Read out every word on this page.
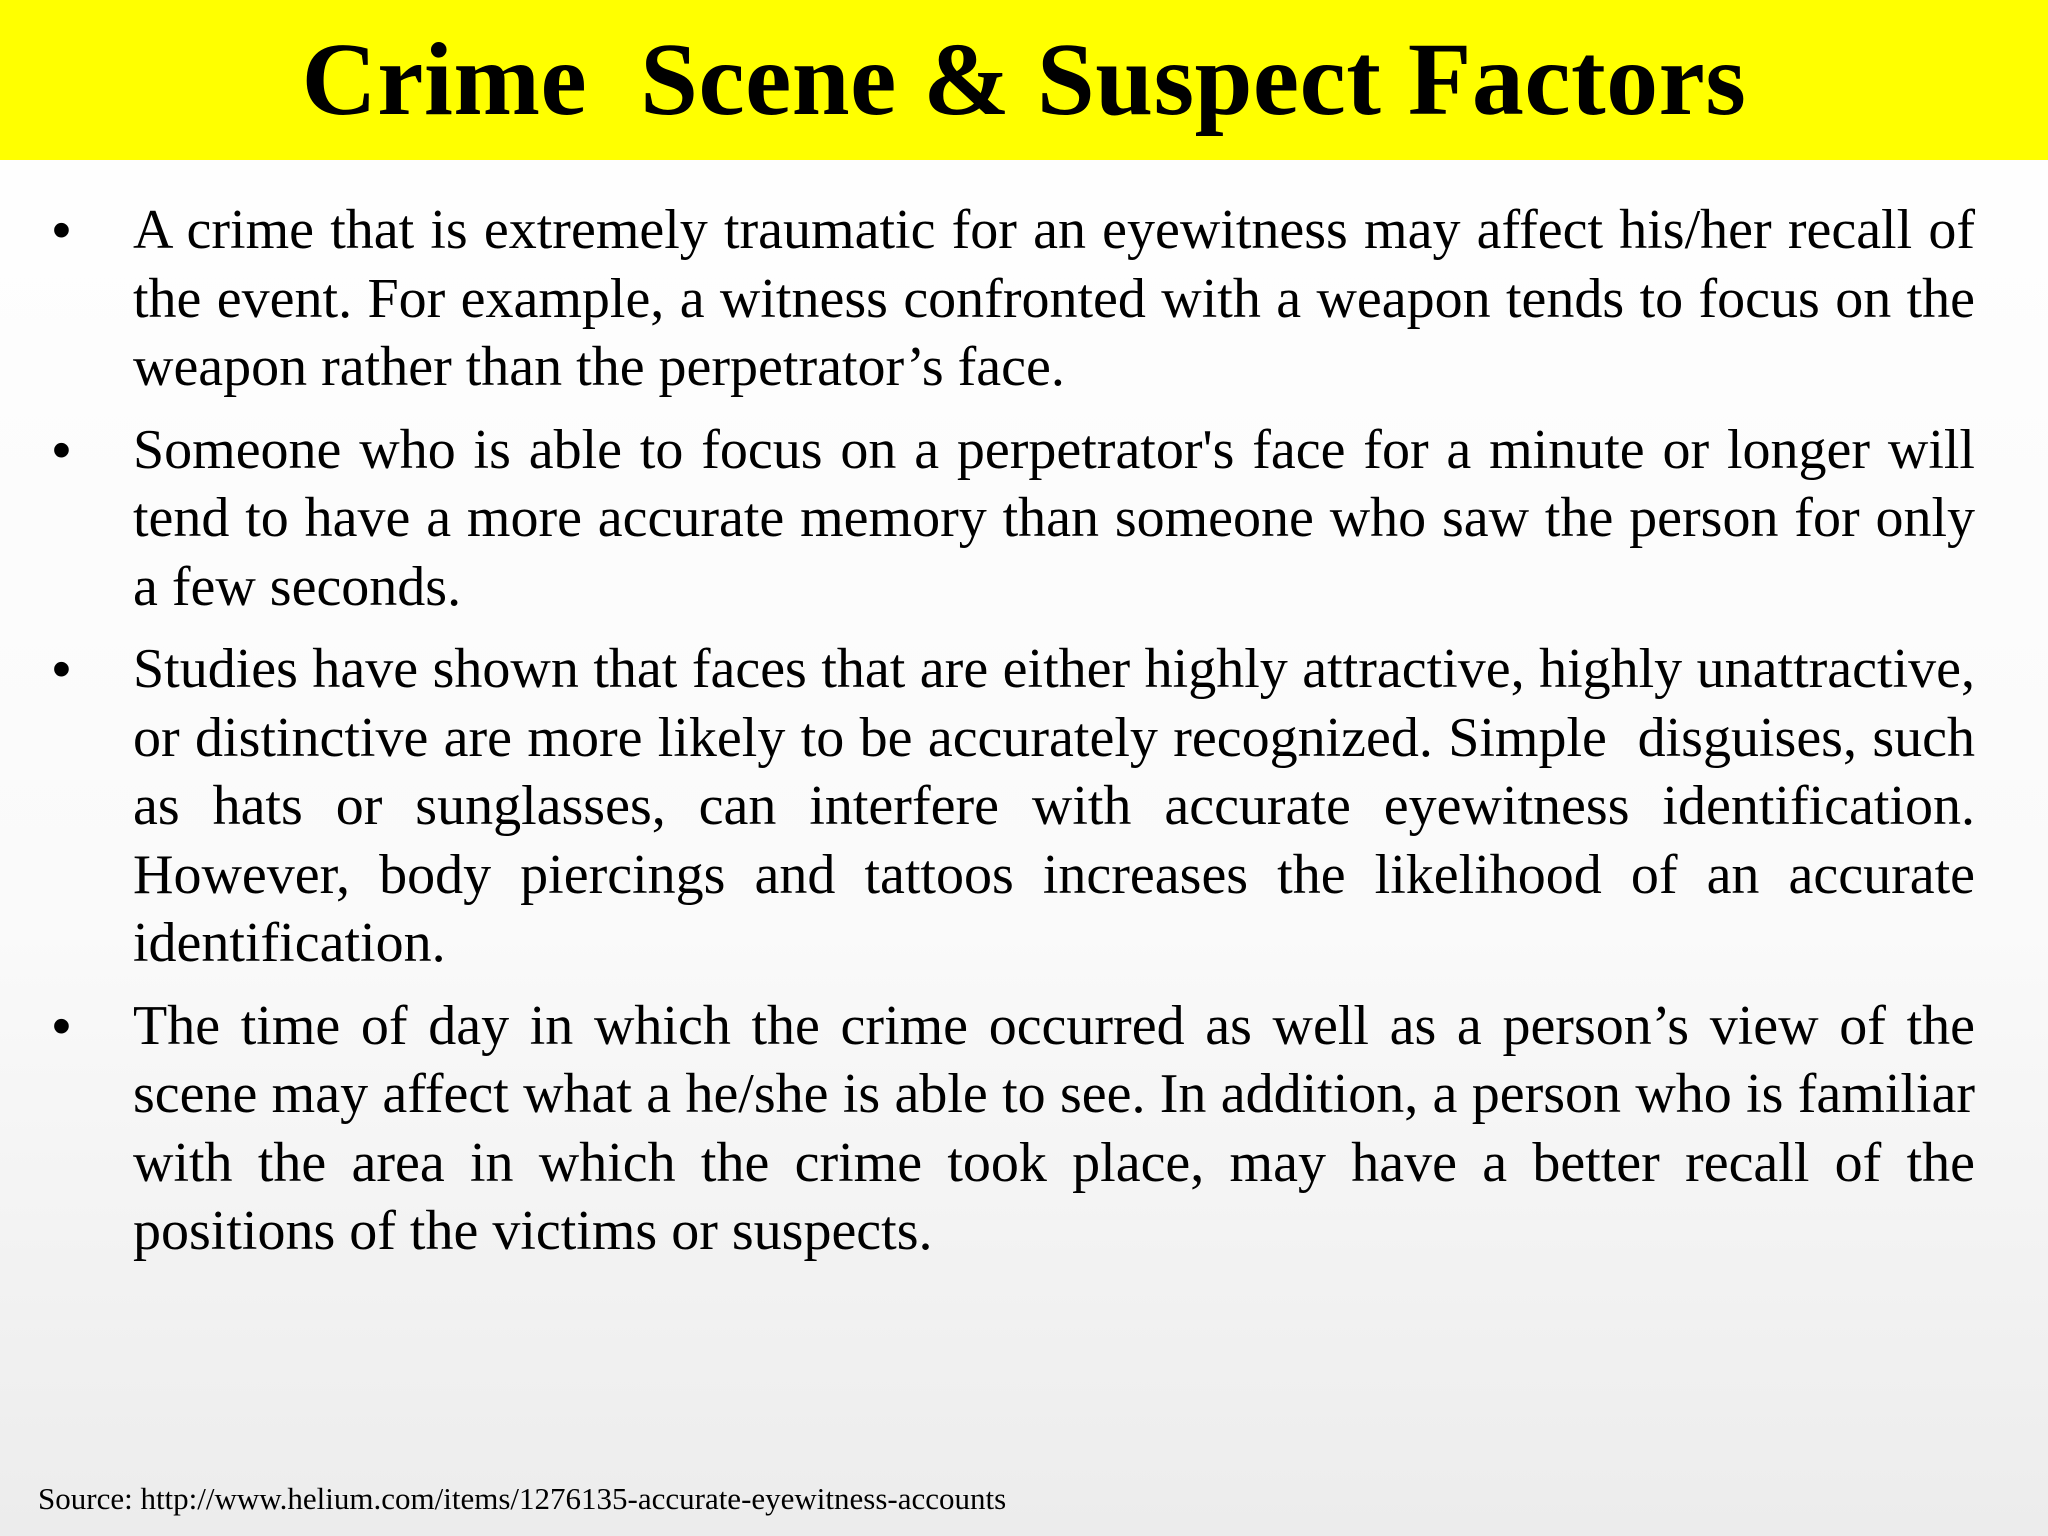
Crime  Scene & Suspect Factors
• A crime that is extremely traumatic for an eyewitness may affect his/her recall of the event. For example, a witness confronted with a weapon tends to focus on the weapon rather than the perpetrator’s face.
• Someone who is able to focus on a perpetrator's face for a minute or longer will tend to have a more accurate memory than someone who saw the person for only a few seconds.
• Studies have shown that faces that are either highly attractive, highly unattractive, or distinctive are more likely to be accurately recognized. Simple  disguises, such as hats or sunglasses, can interfere with accurate eyewitness identification.  However, body piercings and tattoos increases the likelihood of an accurate identification.
• The time of day in which the crime occurred as well as a person’s view of the scene may affect what a he/she is able to see. In addition, a person who is familiar with the area in which the crime took place, may have a better recall of the positions of the victims or suspects.
Source: http://www.helium.com/items/1276135-accurate-eyewitness-accounts
